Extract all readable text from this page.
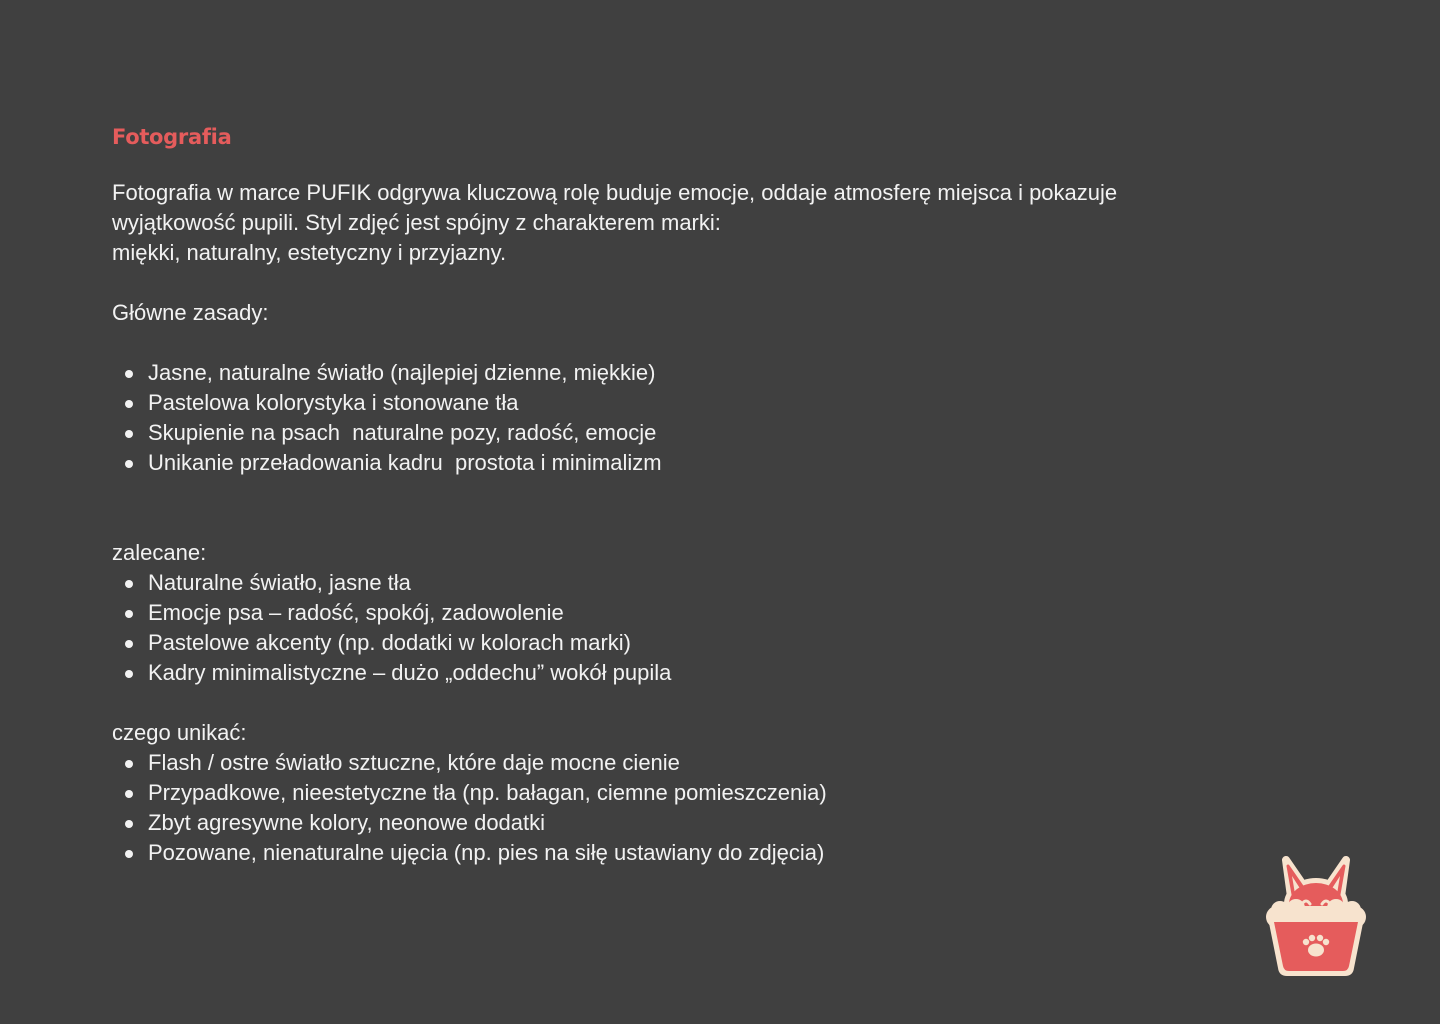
Fotografia

Fotografia w marce PUFIK odgrywa kluczową rolę buduje emocje, oddaje atmosferę miejsca i pokazuje
wyjątkowość pupili. Styl zdjęć jest spójny z charakterem marki:
miękki, naturalny, estetyczny i przyjazny.

Główne zasady:

Jasne, naturalne światło (najlepiej dzienne, miękkie)
Pastelowa kolorystyka i stonowane tła
Skupienie na psach  naturalne pozy, radość, emocje
Unikanie przeładowania kadru  prostota i minimalizm

zalecane:

Naturalne światło, jasne tła
Emocje psa – radość, spokój, zadowolenie
Pastelowe akcenty (np. dodatki w kolorach marki)
Kadry minimalistyczne – dużo „oddechu” wokół pupila

czego unikać:

Flash / ostre światło sztuczne, które daje mocne cienie
Przypadkowe, nieestetyczne tła (np. bałagan, ciemne pomieszczenia)
Zbyt agresywne kolory, neonowe dodatki
Pozowane, nienaturalne ujęcia (np. pies na siłę ustawiany do zdjęcia)
